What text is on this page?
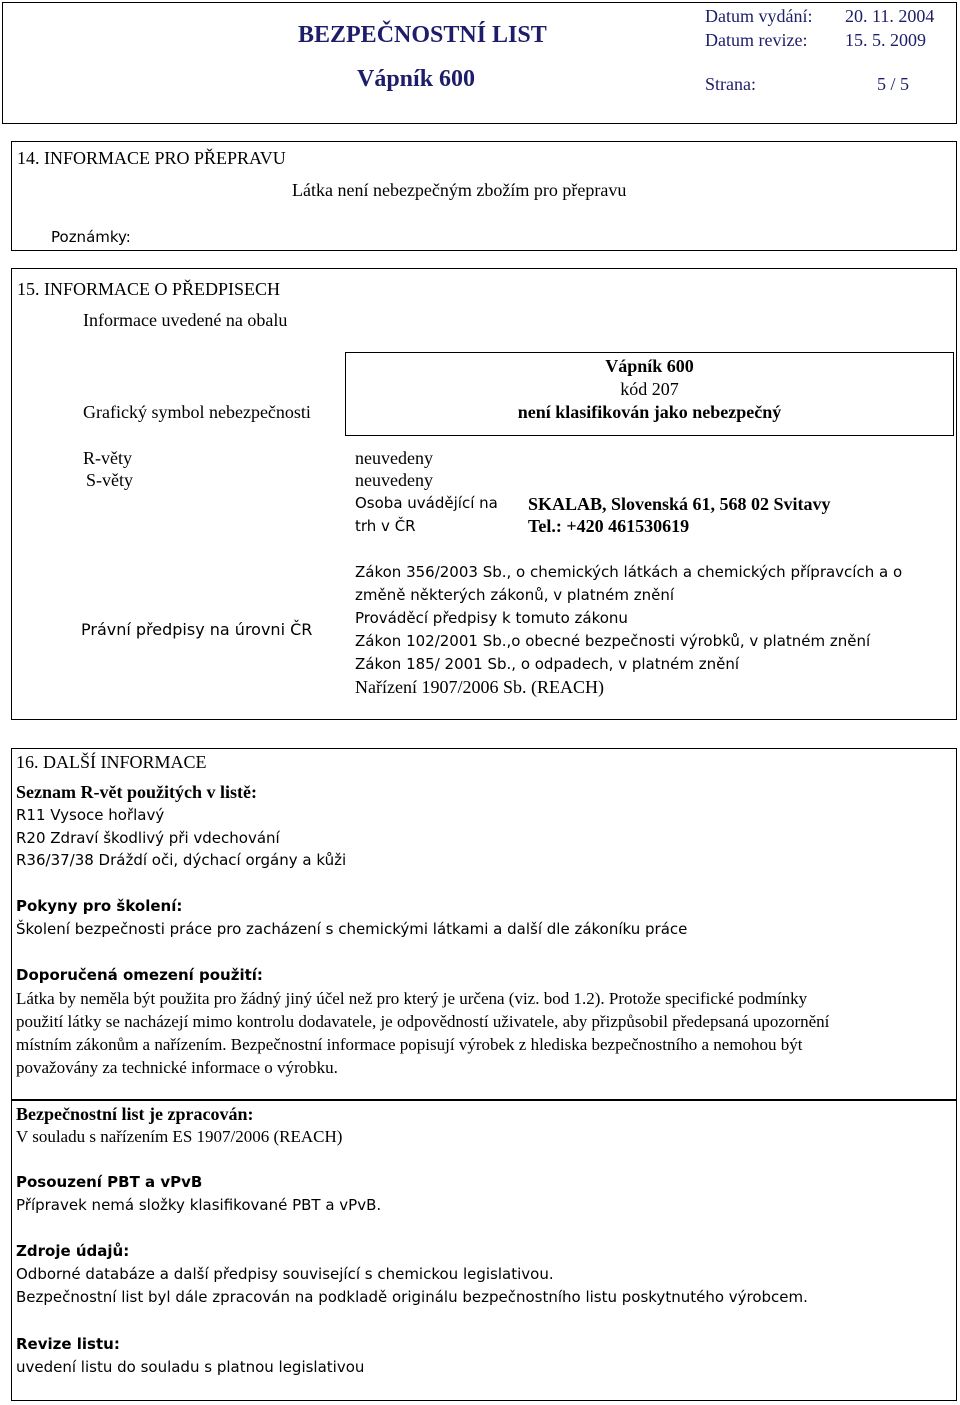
BEZPEČNOSTNÍ LIST
Vápník 600
Datum vydání: 20. 11. 2004
Datum revize: 15. 5. 2009
Strana:	5 / 5
14. INFORMACE PRO PŘEPRAVU
Látka není nebezpečným zbožím pro přepravu
Poznámky:
15. INFORMACE O PŘEDPISECH
Informace uvedené na obalu
Grafický symbol nebezpečnosti
Vápník 600
kód 207
není klasifikován jako nebezpečný
R-věty
S-věty
neuvedeny
neuvedeny
Osoba uvádějící na
trh v ČR
SKALAB, Slovenská 61, 568 02 Svitavy
Tel.: +420 461530619
Právní předpisy na úrovni ČR
Zákon 356/2003 Sb., o chemických látkách a chemických přípravcích a o
změně některých zákonů, v platném znění
Prováděcí předpisy k tomuto zákonu
Zákon 102/2001 Sb.,o obecné bezpečnosti výrobků, v platném znění
Zákon 185/ 2001 Sb., o odpadech, v platném znění
Nařízení 1907/2006 Sb. (REACH)
16. DALŠÍ INFORMACE
Seznam R-vět použitých v listě:
R11 Vysoce hořlavý
R20 Zdraví škodlivý při vdechování
R36/37/38 Dráždí oči, dýchací orgány a kůži
Pokyny pro školení:
Školení bezpečnosti práce pro zacházení s chemickými látkami a další dle zákoníku práce
Doporučená omezení použití:
Látka by neměla být použita pro žádný jiný účel než pro který je určena (viz. bod 1.2). Protože specifické podmínky
použití látky se nacházejí mimo kontrolu dodavatele, je odpovědností uživatele, aby přizpůsobil předepsaná upozornění
místním zákonům a nařízením. Bezpečnostní informace popisují výrobek z hlediska bezpečnostního a nemohou být
považovány za technické informace o výrobku.
Bezpečnostní list je zpracován:
V souladu s nařízením ES 1907/2006 (REACH)
Posouzení PBT a vPvB
Přípravek nemá složky klasifikované PBT a vPvB.
Zdroje údajů:
Odborné databáze a další předpisy související s chemickou legislativou.
Bezpečnostní list byl dále zpracován na podkladě originálu bezpečnostního listu poskytnutého výrobcem.
Revize listu:
uvedení listu do souladu s platnou legislativou
